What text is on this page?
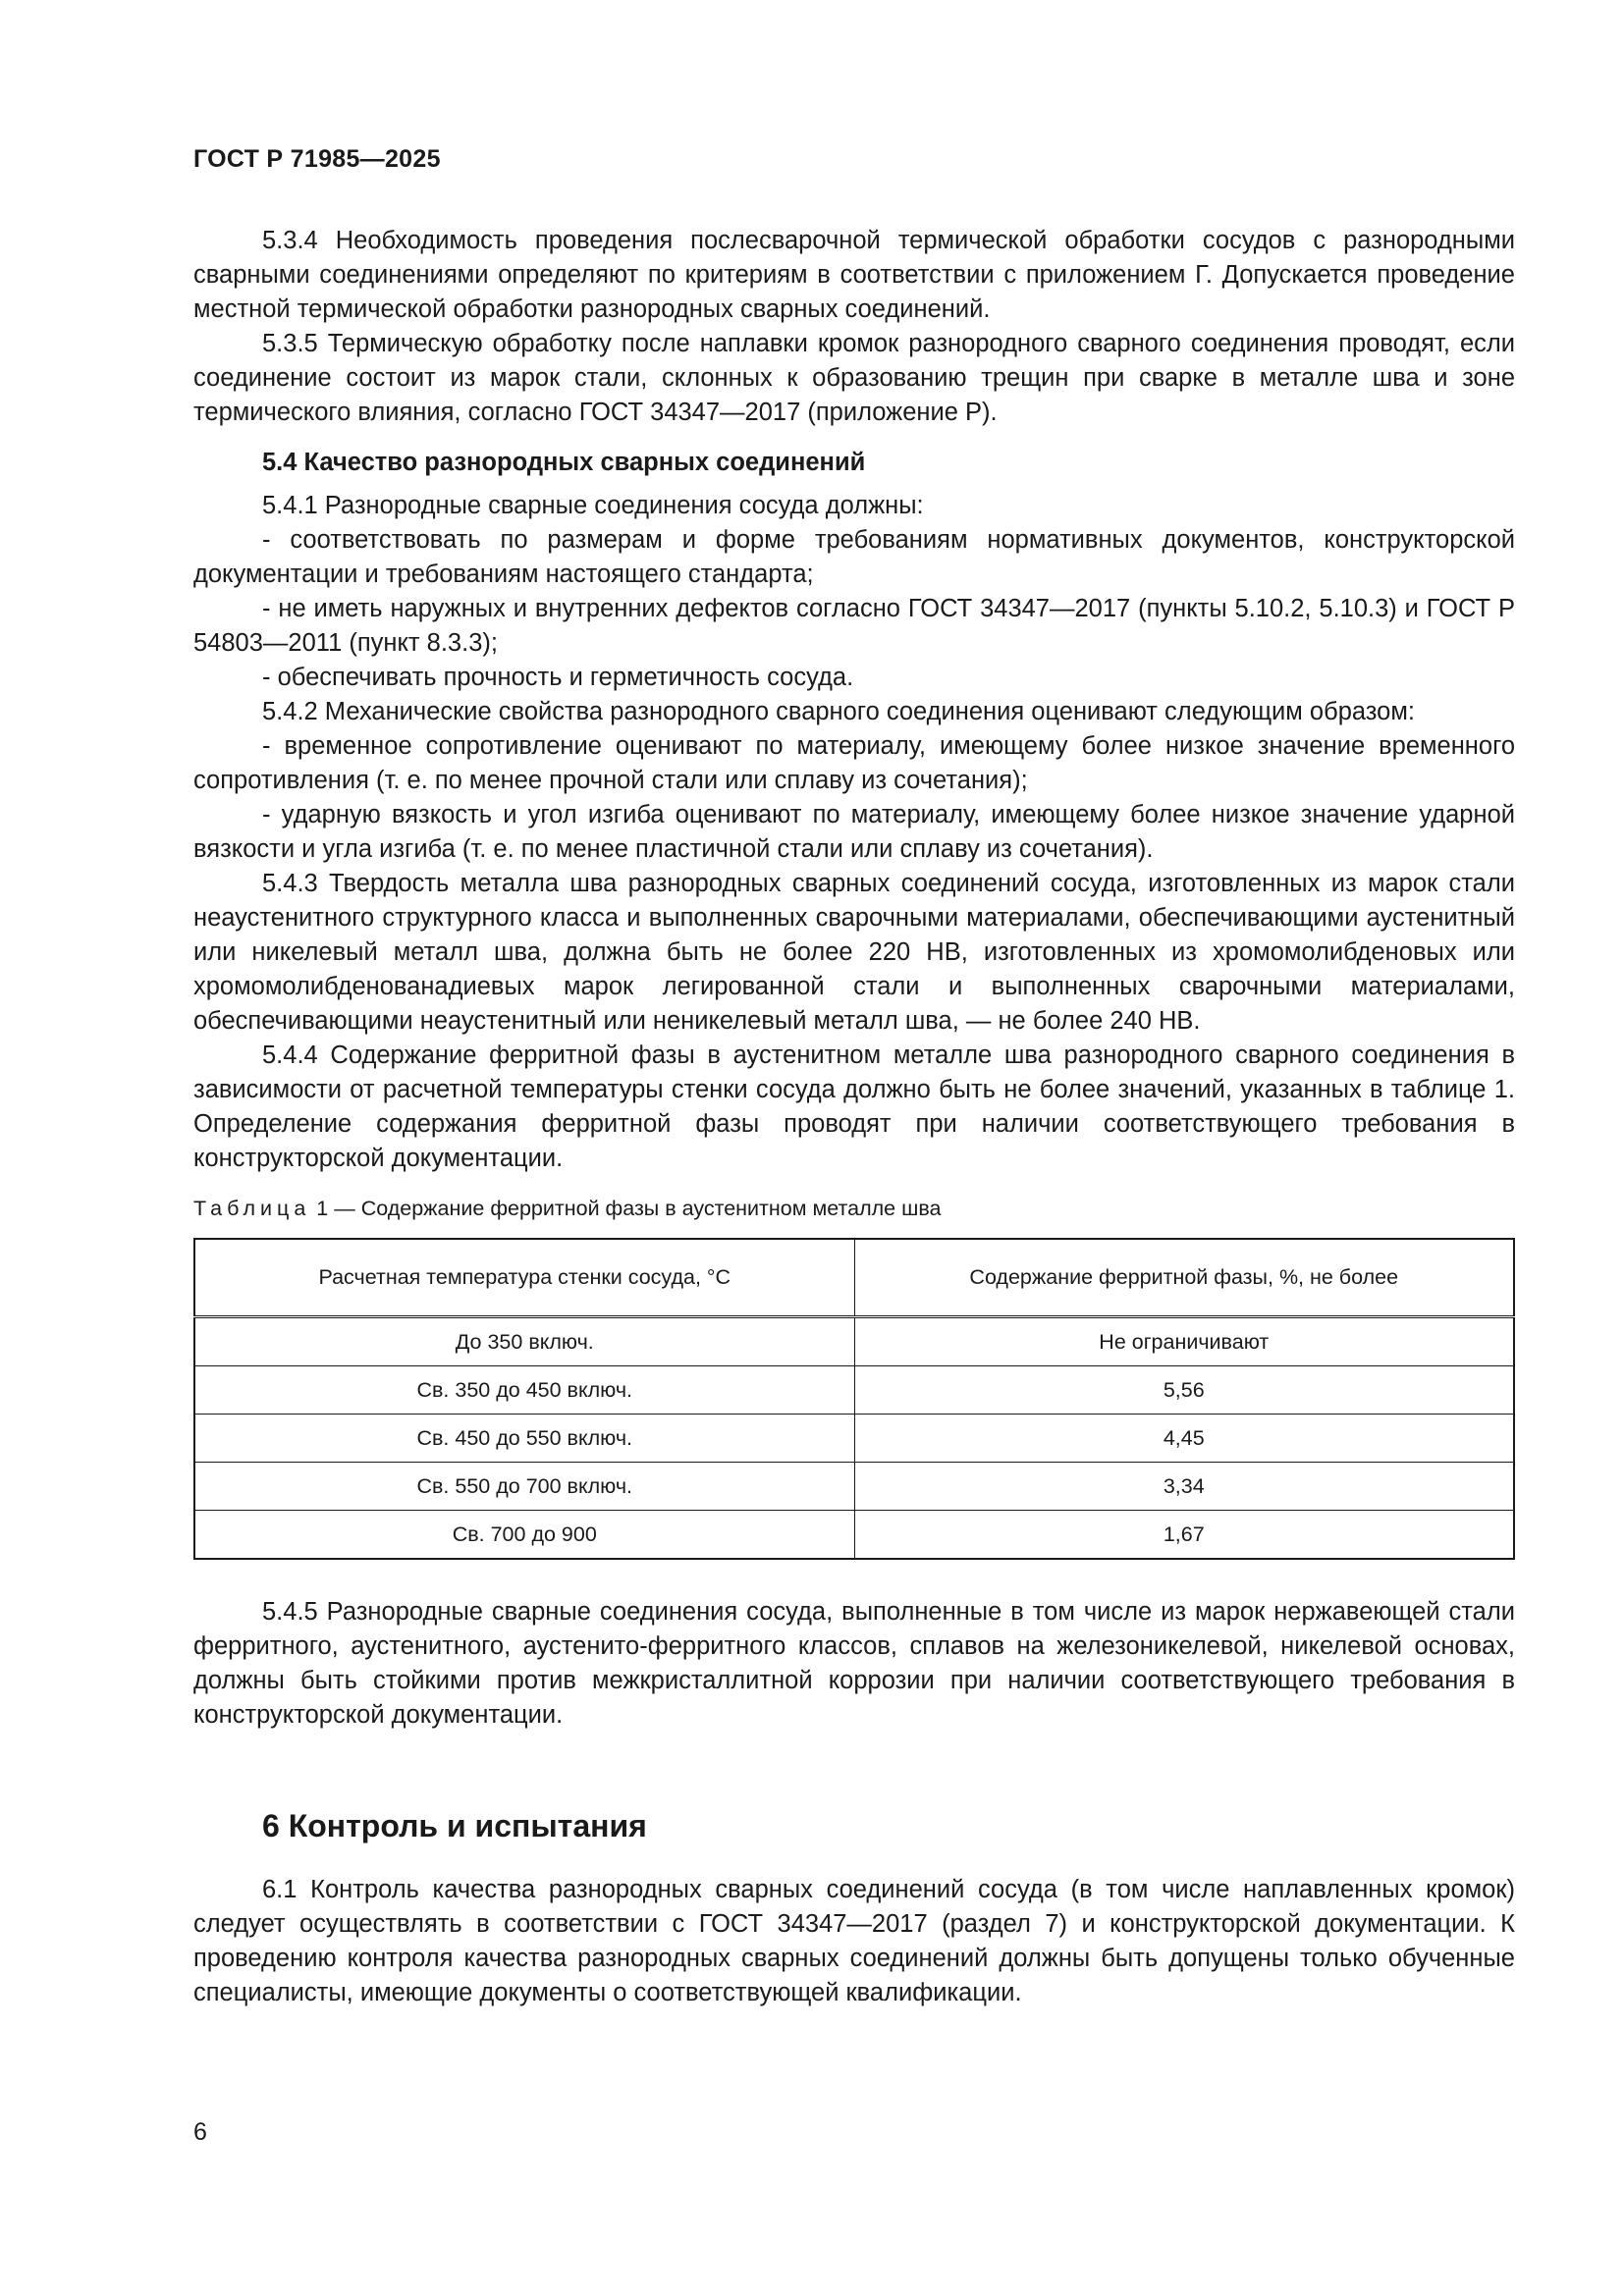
ГОСТ Р 71985—2025

5.3.4 Необходимость проведения послесварочной термической обработки сосудов с разнородными сварными соединениями определяют по критериям в соответствии с приложением Г. Допускается проведение местной термической обработки разнородных сварных соединений.

5.3.5 Термическую обработку после наплавки кромок разнородного сварного соединения проводят, если соединение состоит из марок стали, склонных к образованию трещин при сварке в металле шва и зоне термического влияния, согласно ГОСТ 34347—2017 (приложение Р).

5.4 Качество разнородных сварных соединений

5.4.1 Разнородные сварные соединения сосуда должны:

- соответствовать по размерам и форме требованиям нормативных документов, конструкторской документации и требованиям настоящего стандарта;

- не иметь наружных и внутренних дефектов согласно ГОСТ 34347—2017 (пункты 5.10.2, 5.10.3) и ГОСТ Р 54803—2011 (пункт 8.3.3);

- обеспечивать прочность и герметичность сосуда.

5.4.2 Механические свойства разнородного сварного соединения оценивают следующим образом:

- временное сопротивление оценивают по материалу, имеющему более низкое значение временного сопротивления (т. е. по менее прочной стали или сплаву из сочетания);

- ударную вязкость и угол изгиба оценивают по материалу, имеющему более низкое значение ударной вязкости и угла изгиба (т. е. по менее пластичной стали или сплаву из сочетания).

5.4.3 Твердость металла шва разнородных сварных соединений сосуда, изготовленных из марок стали неаустенитного структурного класса и выполненных сварочными материалами, обеспечивающими аустенитный или никелевый металл шва, должна быть не более 220 HB, изготовленных из хромомолибденовых или хромомолибденованадиевых марок легированной стали и выполненных сварочными материалами, обеспечивающими неаустенитный или неникелевый металл шва, — не более 240 HB.

5.4.4 Содержание ферритной фазы в аустенитном металле шва разнородного сварного соединения в зависимости от расчетной температуры стенки сосуда должно быть не более значений, указанных в таблице 1. Определение содержания ферритной фазы проводят при наличии соответствующего требования в конструкторской документации.

Таблица 1 — Содержание ферритной фазы в аустенитном металле шва

Расчетная температура стенки сосуда, °С	Содержание ферритной фазы, %, не более
До 350 включ.	Не ограничивают
Св. 350 до 450 включ.	5,56
Св. 450 до 550 включ.	4,45
Св. 550 до 700 включ.	3,34
Св. 700 до 900	1,67

5.4.5 Разнородные сварные соединения сосуда, выполненные в том числе из марок нержавеющей стали ферритного, аустенитного, аустенито-ферритного классов, сплавов на железоникелевой, никелевой основах, должны быть стойкими против межкристаллитной коррозии при наличии соответствующего требования в конструкторской документации.

6 Контроль и испытания

6.1 Контроль качества разнородных сварных соединений сосуда (в том числе наплавленных кромок) следует осуществлять в соответствии с ГОСТ 34347—2017 (раздел 7) и конструкторской документации. К проведению контроля качества разнородных сварных соединений должны быть допущены только обученные специалисты, имеющие документы о соответствующей квалификации.

6
